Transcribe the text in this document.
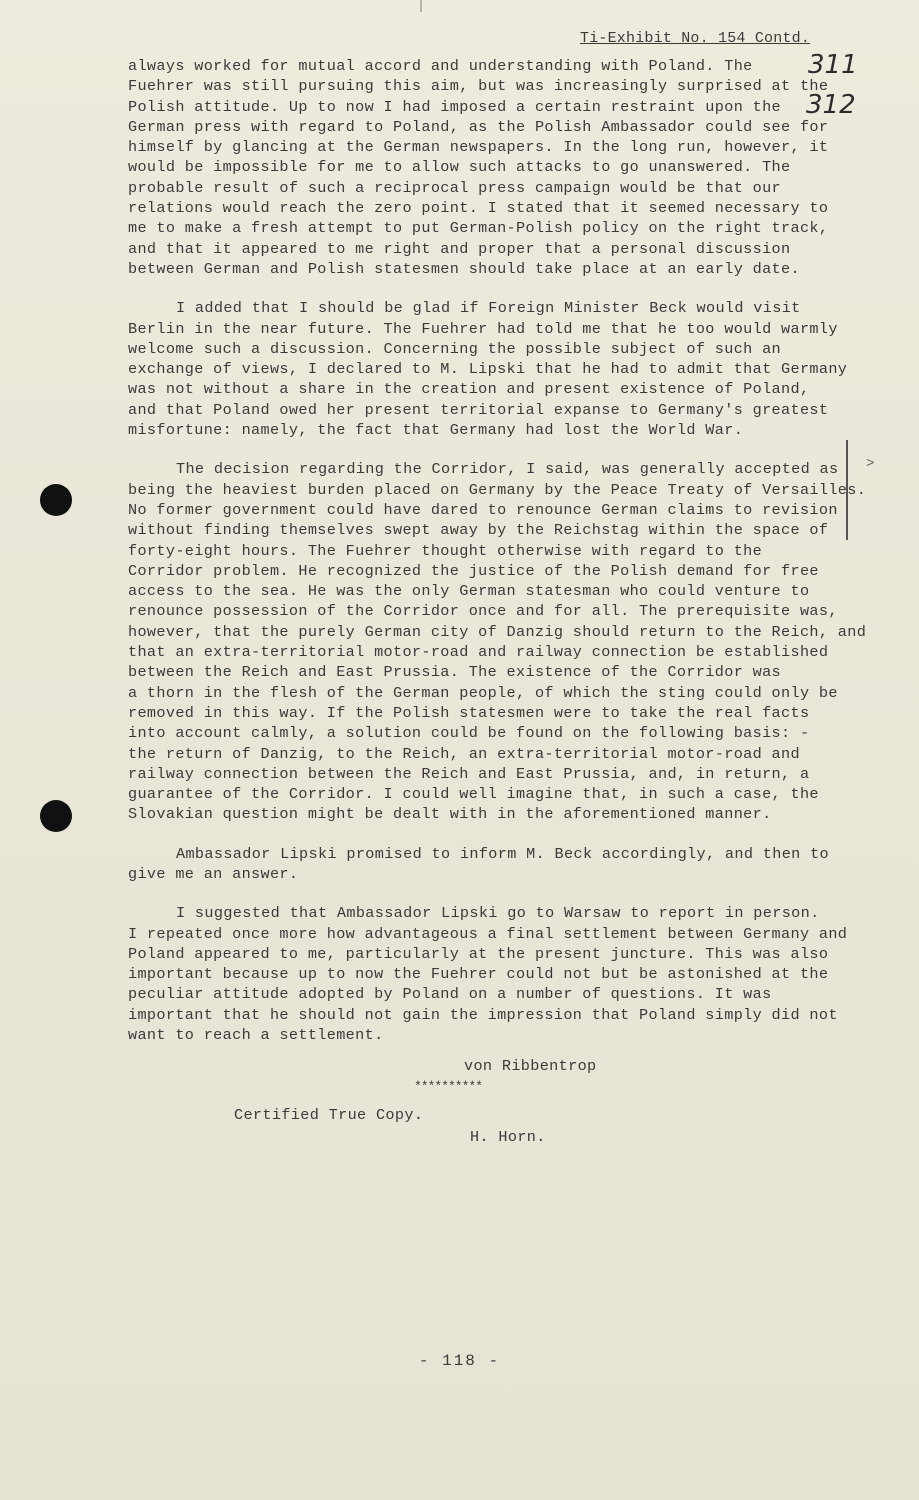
Ti-Exhibit No. 154 Contd.
311
312
>

always worked for mutual accord and understanding with Poland. The

Fuehrer was still pursuing this aim, but was increasingly surprised at the

Polish attitude. Up to now I had imposed a certain restraint upon the

German press with regard to Poland, as the Polish Ambassador could see for

himself by glancing at the German newspapers. In the long run, however, it

would be impossible for me to allow such attacks to go unanswered. The

probable result of such a reciprocal press campaign would be that our

relations would reach the zero point. I stated that it seemed necessary to

me to make a fresh attempt to put German-Polish policy on the right track,

and that it appeared to me right and proper that a personal discussion

between German and Polish statesmen should take place at an early date.

I added that I should be glad if Foreign Minister Beck would visit

Berlin in the near future. The Fuehrer had told me that he too would warmly

welcome such a discussion. Concerning the possible subject of such an

exchange of views, I declared to M. Lipski that he had to admit that Germany

was not without a share in the creation and present existence of Poland,

and that Poland owed her present territorial expanse to Germany's greatest

misfortune: namely, the fact that Germany had lost the World War.

The decision regarding the Corridor, I said, was generally accepted as

being the heaviest burden placed on Germany by the Peace Treaty of Versailles.

No former government could have dared to renounce German claims to revision

without finding themselves swept away by the Reichstag within the space of

forty-eight hours. The Fuehrer thought otherwise with regard to the

Corridor problem. He recognized the justice of the Polish demand for free

access to the sea. He was the only German statesman who could venture to

renounce possession of the Corridor once and for all. The prerequisite was,

however, that the purely German city of Danzig should return to the Reich, and

that an extra-territorial motor-road and railway connection be established

between the Reich and East Prussia. The existence of the Corridor was

a thorn in the flesh of the German people, of which the sting could only be

removed in this way. If the Polish statesmen were to take the real facts

into account calmly, a solution could be found on the following basis: -

the return of Danzig, to the Reich, an extra-territorial motor-road and

railway connection between the Reich and East Prussia, and, in return, a

guarantee of the Corridor. I could well imagine that, in such a case, the

Slovakian question might be dealt with in the aforementioned manner.

Ambassador Lipski promised to inform M. Beck accordingly, and then to

give me an answer.

I suggested that Ambassador Lipski go to Warsaw to report in person.

I repeated once more how advantageous a final settlement between Germany and

Poland appeared to me, particularly at the present juncture. This was also

important because up to now the Fuehrer could not but be astonished at the

peculiar attitude adopted by Poland on a number of questions. It was

important that he should not gain the impression that Poland simply did not

want to reach a settlement.

von Ribbentrop
**********
Certified True Copy.
H. Horn.
- 118 -
